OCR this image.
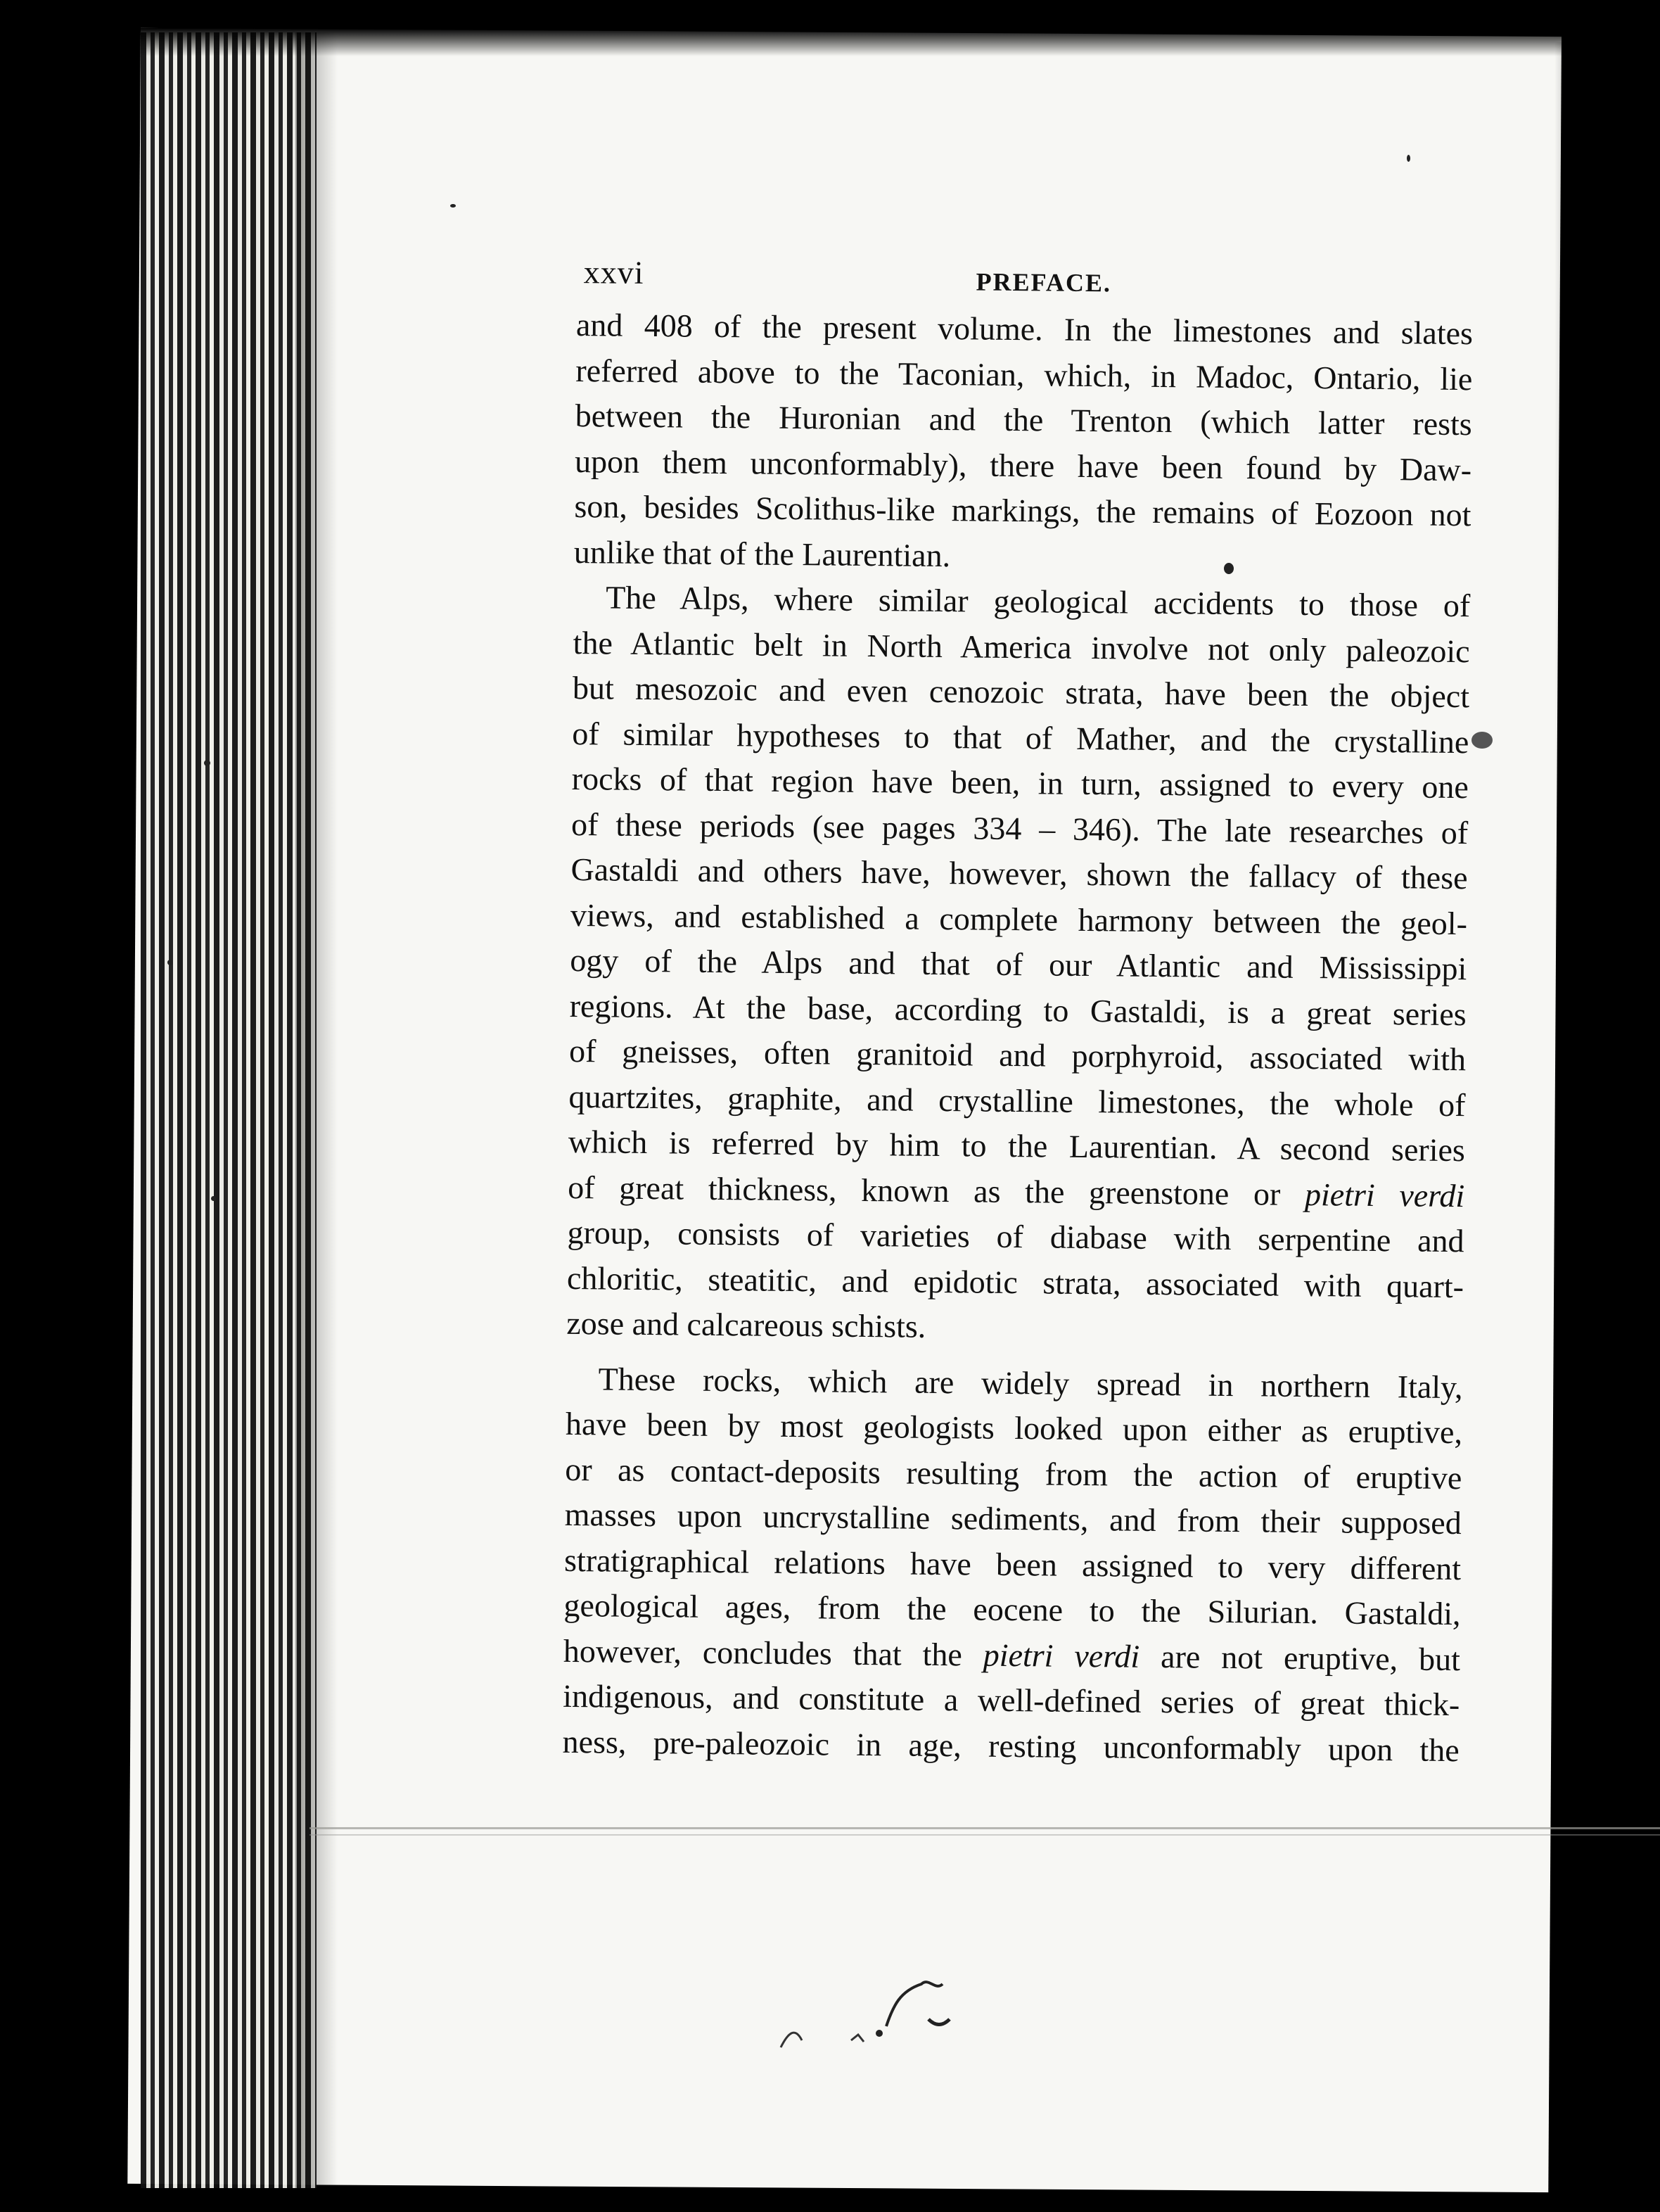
xxvi	PREFACE.

and 408 of the present volume. In the limestones and slates
referred above to the Taconian, which, in Madoc, Ontario, lie
between the Huronian and the Trenton (which latter rests
upon them unconformably), there have been found by Daw-
son, besides Scolithus-like markings, the remains of Eozoon not
unlike that of the Laurentian.

The Alps, where similar geological accidents to those of
the Atlantic belt in North America involve not only paleozoic
but mesozoic and even cenozoic strata, have been the object
of similar hypotheses to that of Mather, and the crystalline
rocks of that region have been, in turn, assigned to every one
of these periods (see pages 334 – 346). The late researches of
Gastaldi and others have, however, shown the fallacy of these
views, and established a complete harmony between the geol-
ogy of the Alps and that of our Atlantic and Mississippi
regions. At the base, according to Gastaldi, is a great series
of gneisses, often granitoid and porphyroid, associated with
quartzites, graphite, and crystalline limestones, the whole of
which is referred by him to the Laurentian. A second series
of great thickness, known as the greenstone or pietri verdi
group, consists of varieties of diabase with serpentine and
chloritic, steatitic, and epidotic strata, associated with quart-
zose and calcareous schists.

These rocks, which are widely spread in northern Italy,
have been by most geologists looked upon either as eruptive,
or as contact-deposits resulting from the action of eruptive
masses upon uncrystalline sediments, and from their supposed
stratigraphical relations have been assigned to very different
geological ages, from the eocene to the Silurian. Gastaldi,
however, concludes that the pietri verdi are not eruptive, but
indigenous, and constitute a well-defined series of great thick-
ness, pre-paleozoic in age, resting unconformably upon the
